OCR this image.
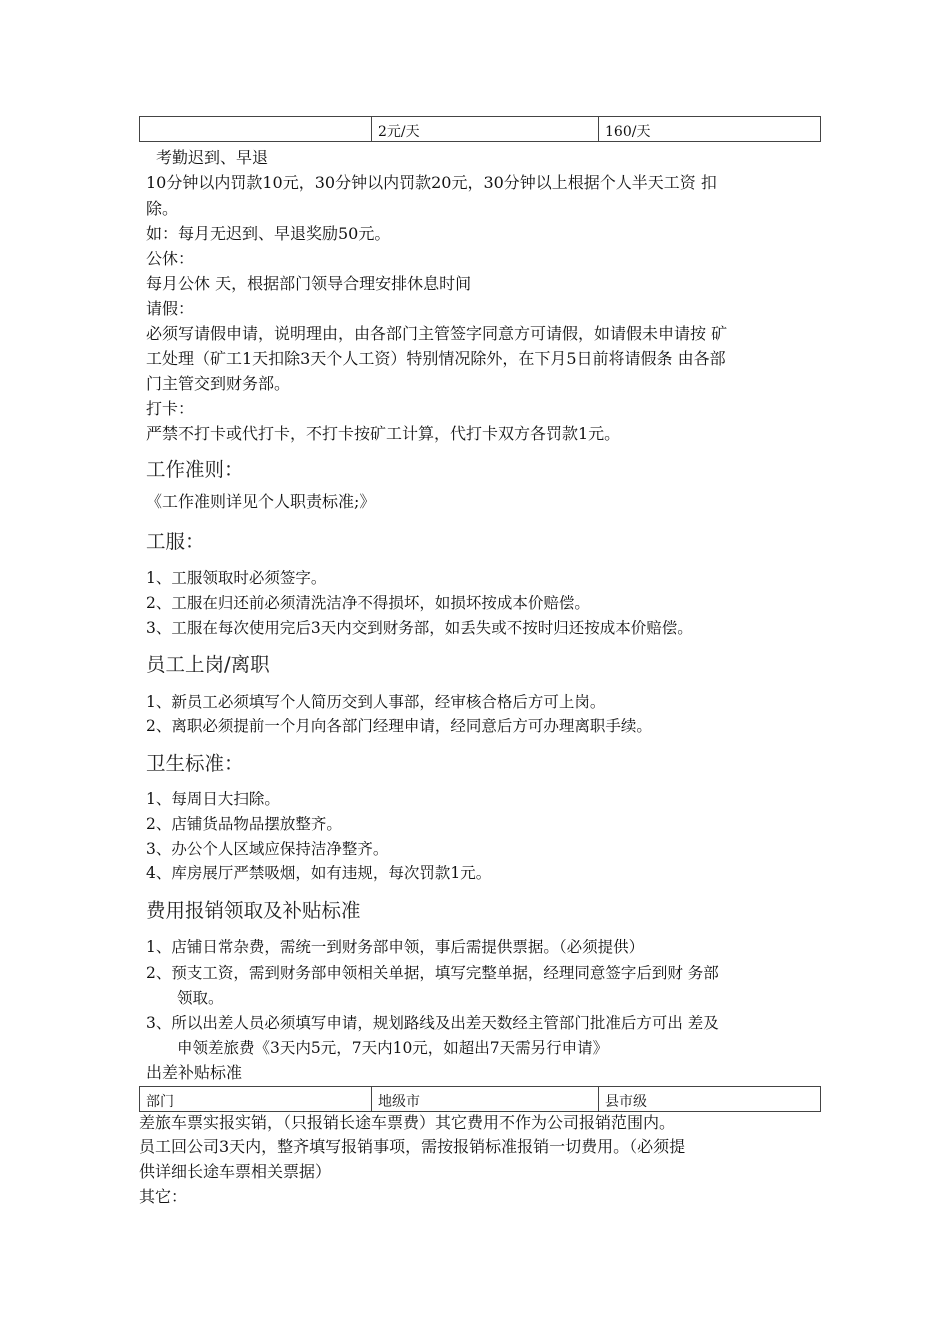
	2元/天	160/天
考勤迟到、早退
10分钟以内罚款10元，30分钟以内罚款20元，30分钟以上根据个人半天工资 扣
除。
如：每月无迟到、早退奖励50元。
公休：
每月公休 天，根据部门领导合理安排休息时间
请假：
必须写请假申请，说明理由，由各部门主管签字同意方可请假，如请假未申请按 矿
工处理（矿工1天扣除3天个人工资）特别情况除外，在下月5日前将请假条 由各部
门主管交到财务部。
打卡：
严禁不打卡或代打卡，不打卡按矿工计算，代打卡双方各罚款1元。
工作准则：
《工作准则详见个人职责标准;》
工服：
1、工服领取时必须签字。
2、工服在归还前必须清洗洁净不得损坏，如损坏按成本价赔偿。
3、工服在每次使用完后3天内交到财务部，如丢失或不按时归还按成本价赔偿。
员工上岗/离职
1、新员工必须填写个人简历交到人事部，经审核合格后方可上岗。
2、离职必须提前一个月向各部门经理申请，经同意后方可办理离职手续。
卫生标准：
1、每周日大扫除。
2、店铺货品物品摆放整齐。
3、办公个人区域应保持洁净整齐。
4、库房展厅严禁吸烟，如有违规，每次罚款1元。
费用报销领取及补贴标准
1、店铺日常杂费，需统一到财务部申领，事后需提供票据。（必须提供）
2、预支工资，需到财务部申领相关单据，填写完整单据，经理同意签字后到财 务部
领取。
3、所以出差人员必须填写申请，规划路线及出差天数经主管部门批准后方可出 差及
申领差旅费《3天内5元，7天内10元，如超出7天需另行申请》
出差补贴标准
部门	地级市	县市级
差旅车票实报实销，（只报销长途车票费）其它费用不作为公司报销范围内。
员工回公司3天内，整齐填写报销事项，需按报销标准报销一切费用。（必须提
供详细长途车票相关票据）
其它：
